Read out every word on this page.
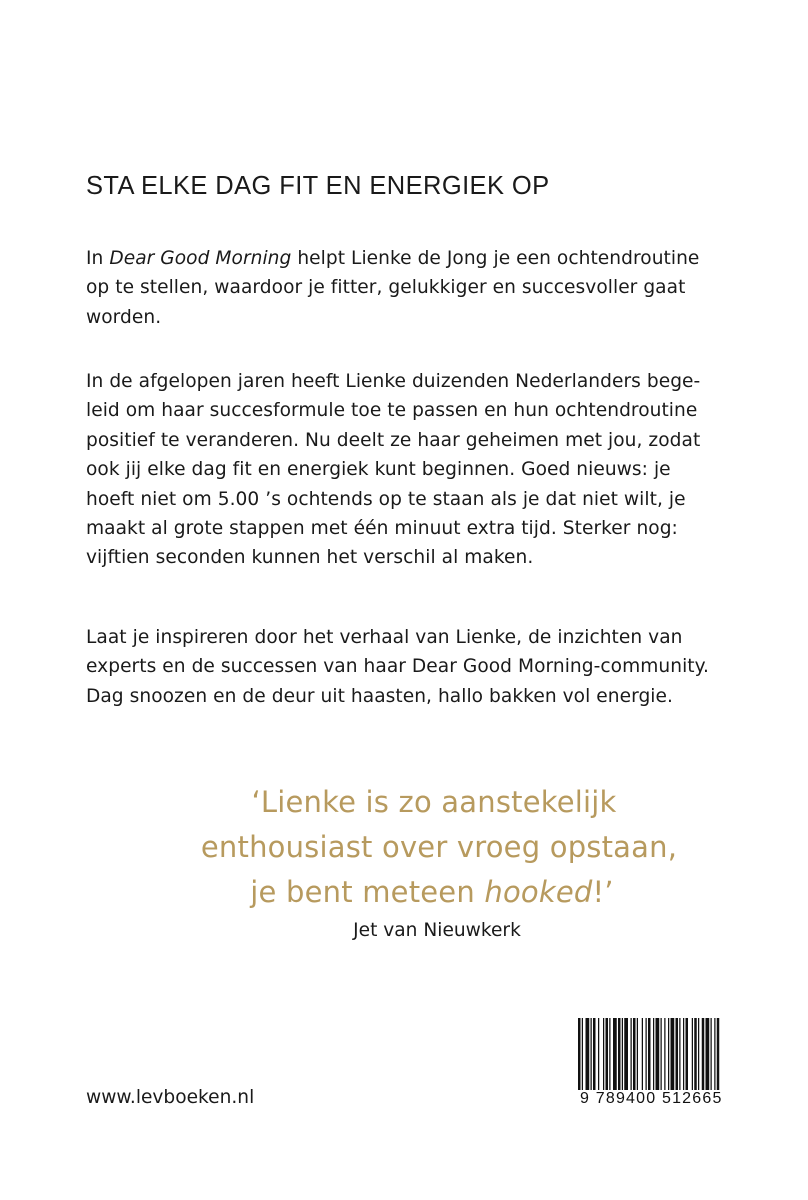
STA ELKE DAG FIT EN ENERGIEK OP

In Dear Good Morning helpt Lienke de Jong je een ochtendroutine
op te stellen, waardoor je fitter, gelukkiger en succesvoller gaat
worden.

In de afgelopen jaren heeft Lienke duizenden Nederlanders bege-
leid om haar succesformule toe te passen en hun ochtendroutine
positief te veranderen. Nu deelt ze haar geheimen met jou, zodat
ook jij elke dag fit en energiek kunt beginnen. Goed nieuws: je
hoeft niet om 5.00 ’s ochtends op te staan als je dat niet wilt, je
maakt al grote stappen met één minuut extra tijd. Sterker nog:
vijftien seconden kunnen het verschil al maken.

Laat je inspireren door het verhaal van Lienke, de inzichten van
experts en de successen van haar Dear Good Morning-community.
Dag snoozen en de deur uit haasten, hallo bakken vol energie.

‘Lienke is zo aanstekelijk
enthousiast over vroeg opstaan,
je bent meteen hooked!’

Jet van Nieuwkerk
www.levboeken.nl	9 789400 512665
